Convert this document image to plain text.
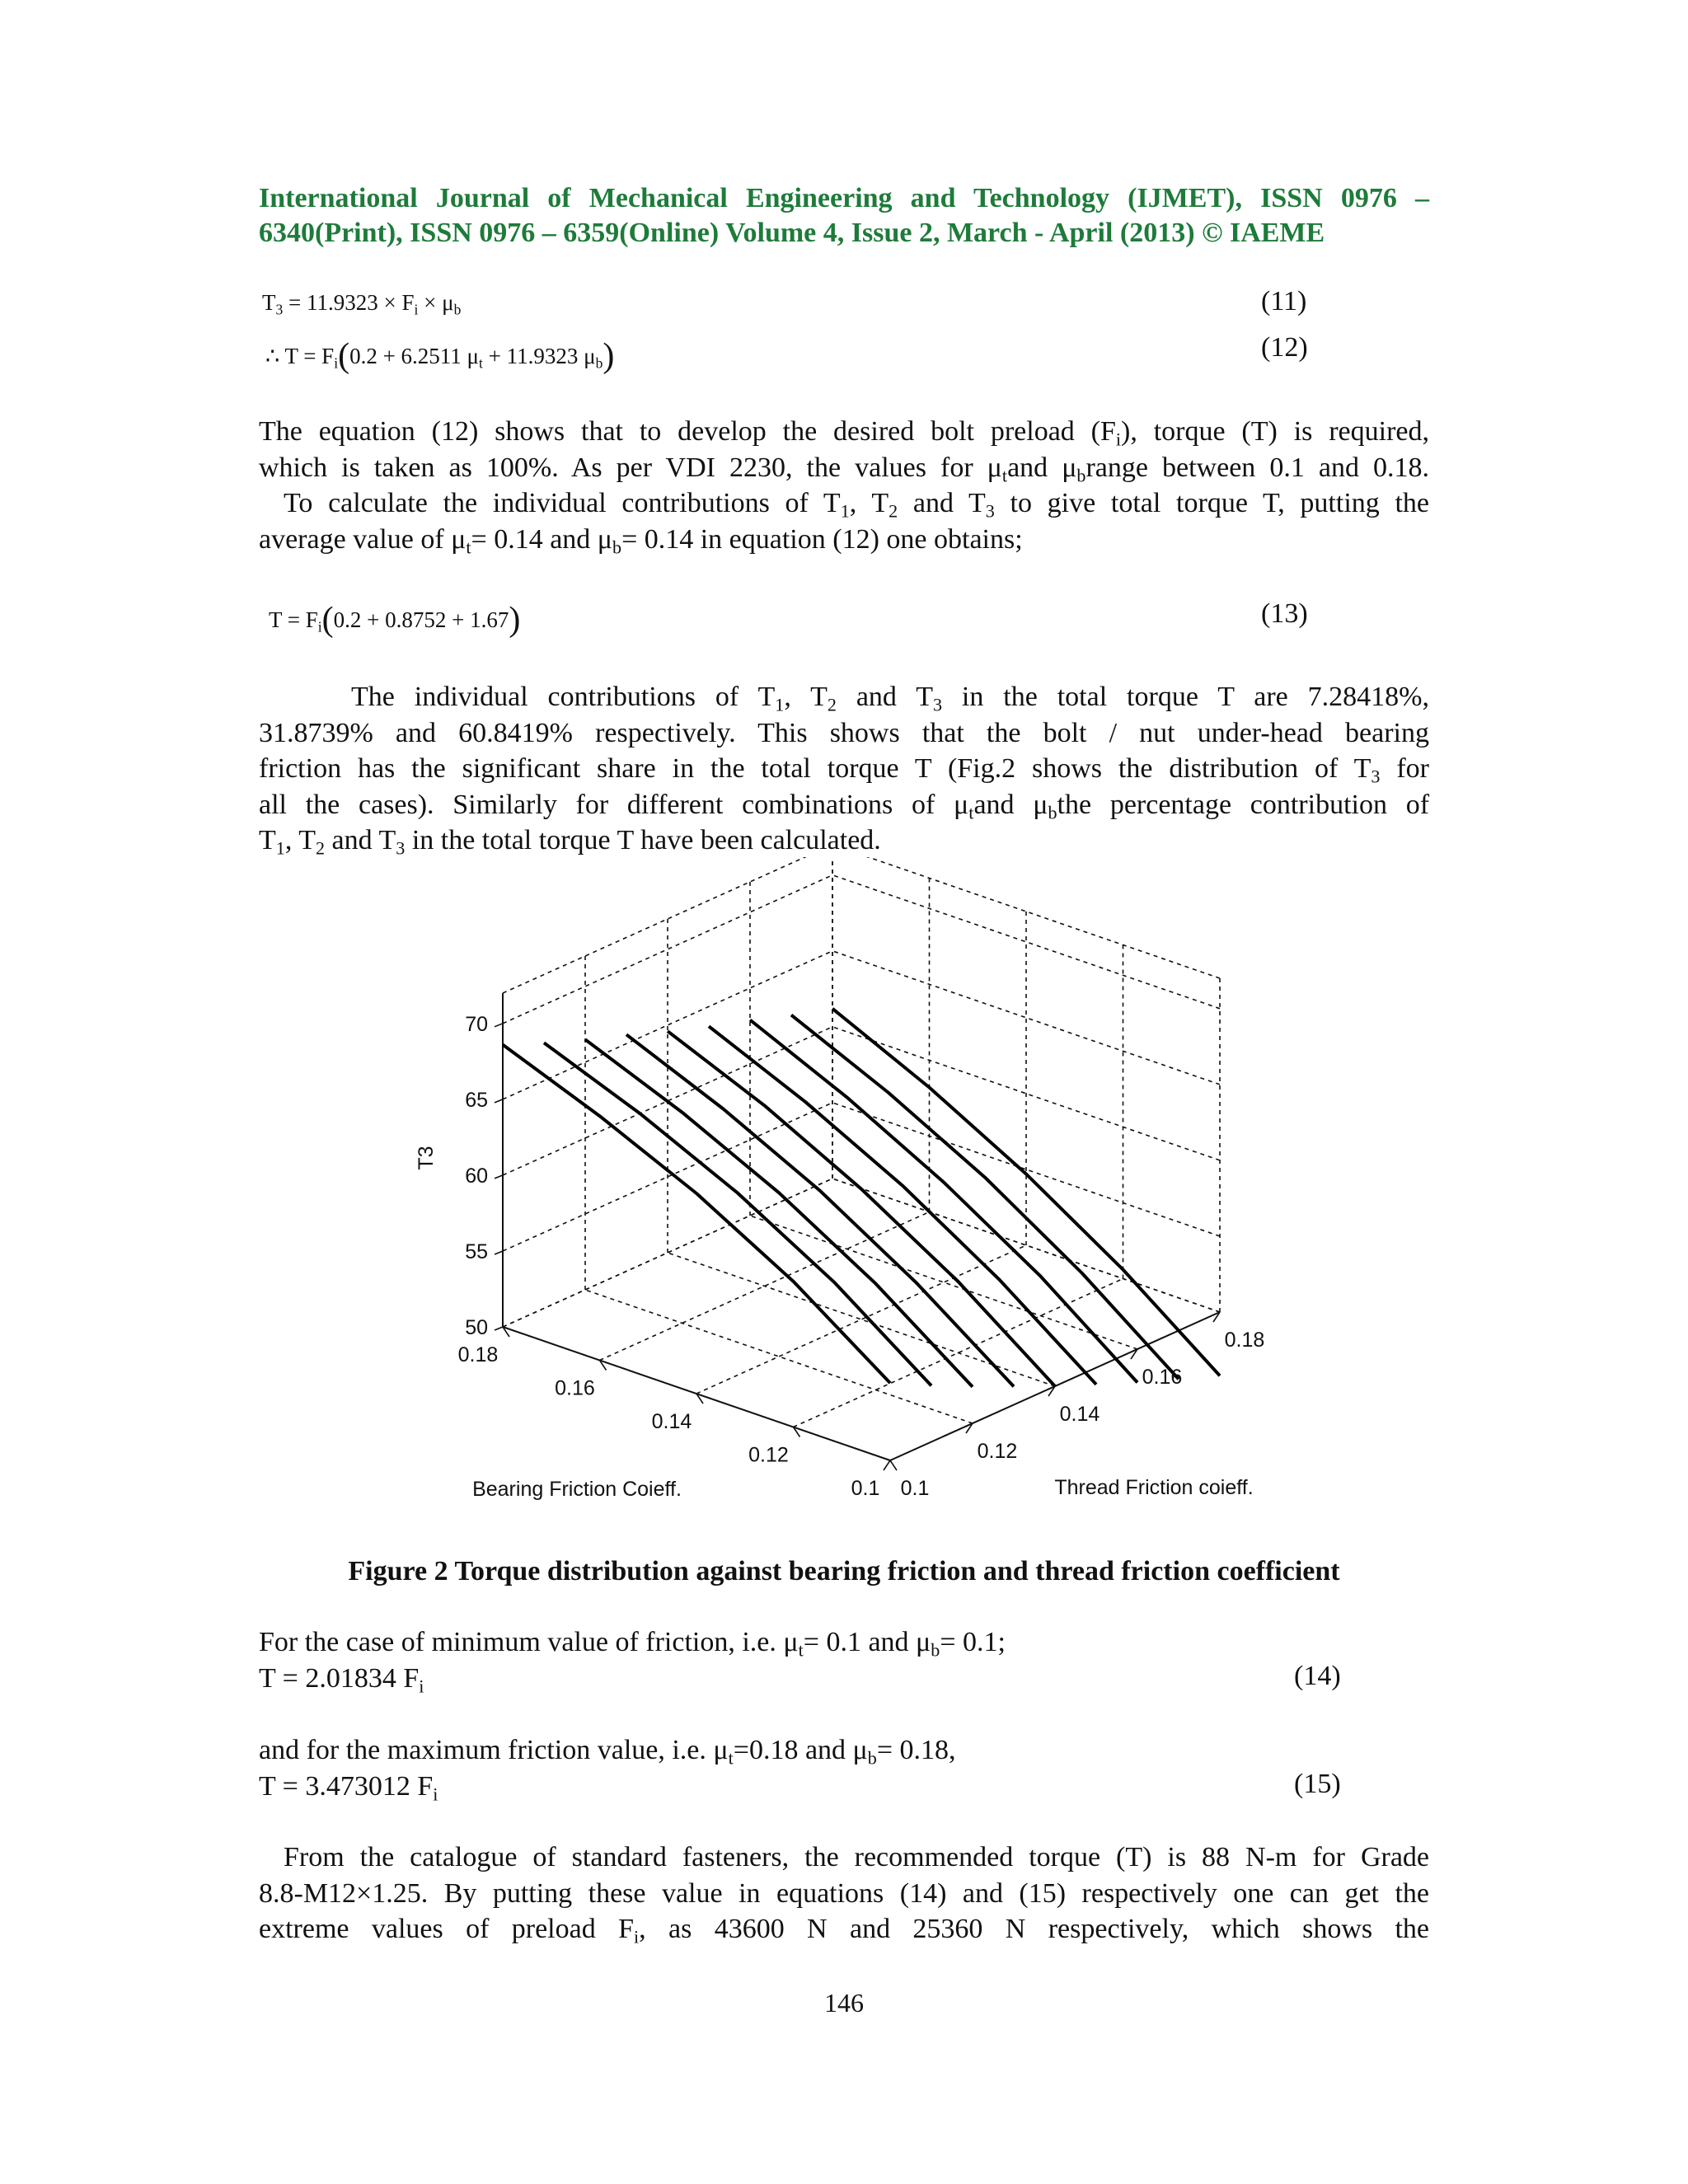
International Journal of Mechanical Engineering and Technology (IJMET), ISSN 0976 –
6340(Print), ISSN 0976 – 6359(Online) Volume 4, Issue 2, March - April (2013) © IAEME
$T_3 = 11.9323 \times F_i \times \mu_b$	(11)
∴ $T = F_i(0.2 + 6.2511$ $\mu_t + 11.9323$ $\mu_b$)	(12)
The equation (12) shows that to develop the desired bolt preload $(F_i)$, torque (T) is required,
which is taken as 100%. As per VDI 2230, the values for $\mu_tand$ $\mu_brange$ between 0.1 and 0.18.
To calculate the individual contributions of $T_1$, $T_2$ and $T_3$ to give total torque T, putting the
average value of $\mu_t= 0.14$ and $\mu_b= 0.14$ in equation (12) one obtains;
$T = F_i(0.2 + 0.8752 + 1.67)$	(13)
The individual contributions of $T_1$, $T_2$ and $T_3$ in the total torque T are 7.28418%,
31.8739% and 60.8419% respectively. This shows that the bolt / nut under-head bearing
friction has the significant share in the total torque T (Fig.2 shows the distribution of $T_3$ for
all the cases). Similarly for different combinations of $\mu_tand$ $\mu_bthe$ percentage contribution of
$T_1$, $T_2$ and $T_3$ in the total torque T have been calculated.
70
65
60
55
50
0.18
0.16
0.14
0.12
0.1 0.1
0.12
0.14
0.16
0.18
T3
Bearing Friction Coieff.	Thread Friction coieff.
Figure 2 Torque distribution against bearing friction and thread friction coefficient
For the case of minimum value of friction, i.e. $\mu_t= 0.1$ and $\mu_b= 0.1$;
T = 2.01834 $F_i$	(14)
and for the maximum friction value, i.e. $\mu_t=0.18$ and $\mu_b= 0.18$,
T = 3.473012 $F_i$	(15)
From the catalogue of standard fasteners, the recommended torque (T) is 88 N-m for Grade
8.8-M12×1.25. By putting these value in equations (14) and (15) respectively one can get the
extreme values of preload $F_i$, as 43600 N and 25360 N respectively, which shows the
146
